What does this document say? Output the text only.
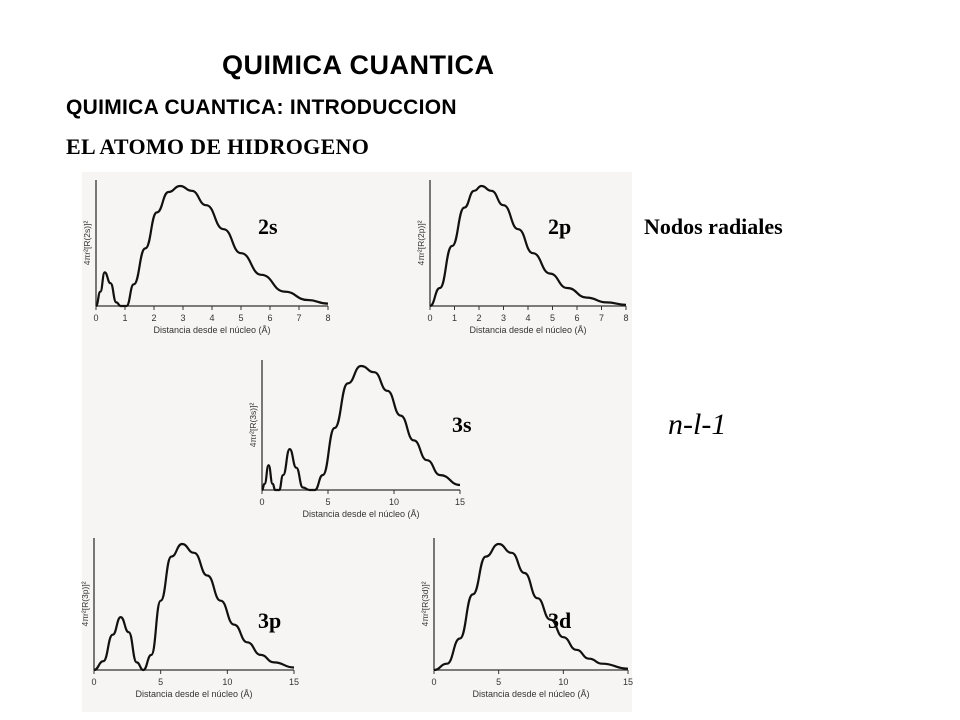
QUIMICA CUANTICA
QUIMICA CUANTICA: INTRODUCCION
EL ATOMO DE HIDROGENO
0	1	2	3	4	5	6	7	8
Distancia desde el núcleo (Å)
4πr²[R(2s)]²
0 1 2 3 4 5 6 7 8
Distancia desde el núcleo (Å)
4πr²[R(2p)]²
0	5	10	15
Distancia desde el núcleo (Å)
4πr²[R(3s)]²
0	5	10	15
Distancia desde el núcleo (Å)
4πr²[R(3p)]²
0	5	10	15
Distancia desde el núcleo (Å)
4πr²[R(3d)]²
2s	2p	Nodos radiales
3s	n-l-1
3p	3d
